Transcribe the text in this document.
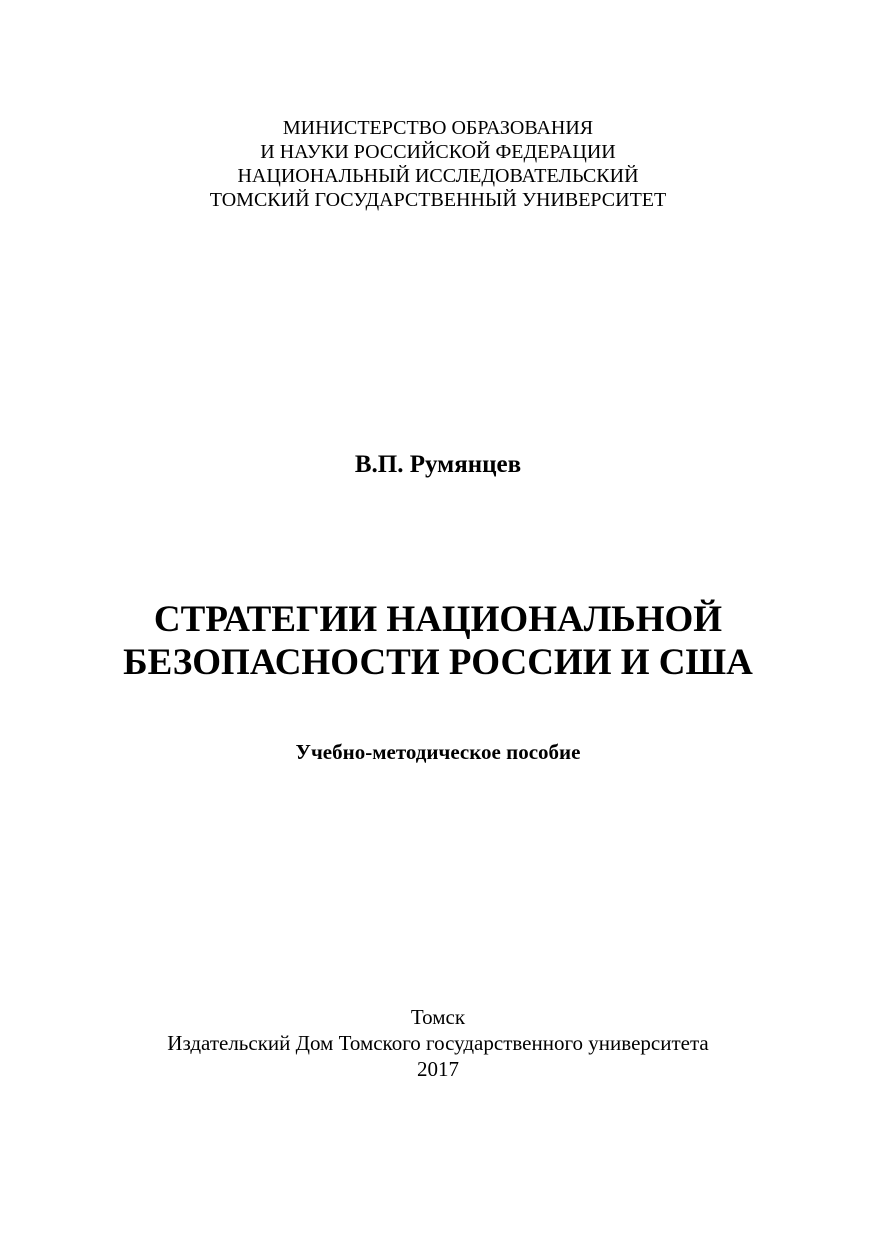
МИНИСТЕРСТВО ОБРАЗОВАНИЯ
И НАУКИ РОССИЙСКОЙ ФЕДЕРАЦИИ
НАЦИОНАЛЬНЫЙ ИССЛЕДОВАТЕЛЬСКИЙ
ТОМСКИЙ ГОСУДАРСТВЕННЫЙ УНИВЕРСИТЕТ
В.П. Румянцев
СТРАТЕГИИ НАЦИОНАЛЬНОЙ
БЕЗОПАСНОСТИ РОССИИ И США
Учебно-методическое пособие
Томск
Издательский Дом Томского государственного университета
2017
